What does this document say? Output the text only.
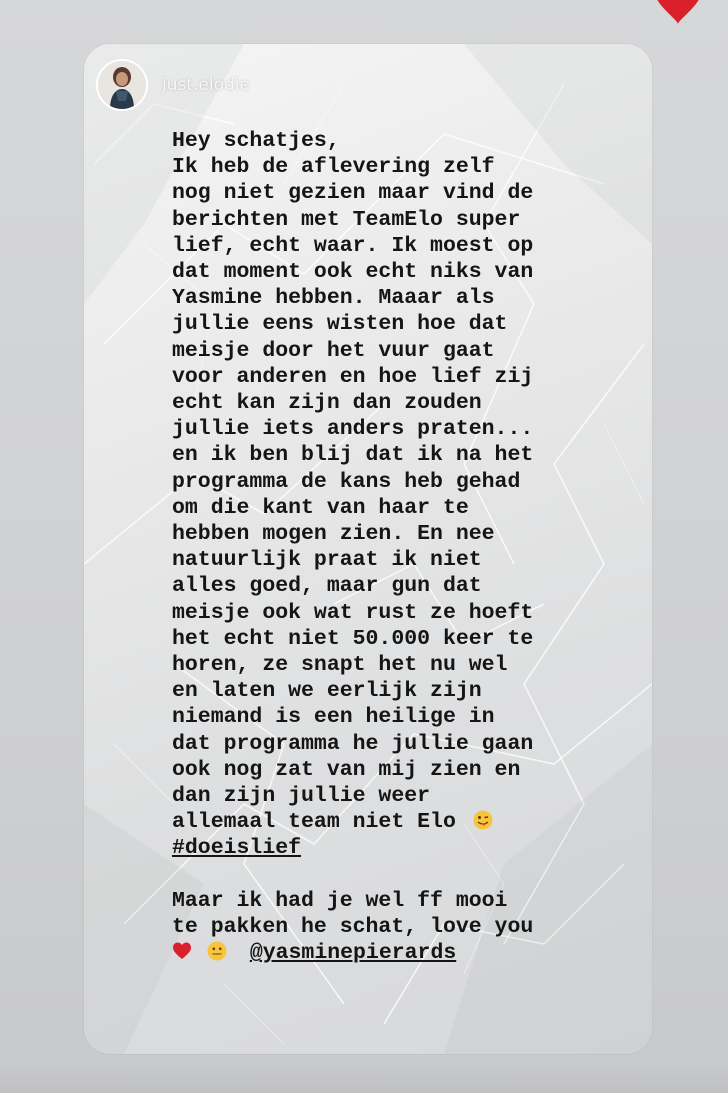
just.elodie

Hey schatjes,

Ik heb de aflevering zelf

nog niet gezien maar vind de

berichten met TeamElo super

lief, echt waar. Ik moest op

dat moment ook echt niks van

Yasmine hebben. Maaar als

jullie eens wisten hoe dat

meisje door het vuur gaat

voor anderen en hoe lief zij

echt kan zijn dan zouden

jullie iets anders praten...

en ik ben blij dat ik na het

programma de kans heb gehad

om die kant van haar te

hebben mogen zien. En nee

natuurlijk praat ik niet

alles goed, maar gun dat

meisje ook wat rust ze hoeft

het echt niet 50.000 keer te

horen, ze snapt het nu wel

en laten we eerlijk zijn

niemand is een heilige in

dat programma he jullie gaan

ook nog zat van mij zien en

dan zijn jullie weer

allemaal team niet Elo

#doeislief

Maar ik had je wel ff mooi

te pakken he schat, love you

@yasminepierards
